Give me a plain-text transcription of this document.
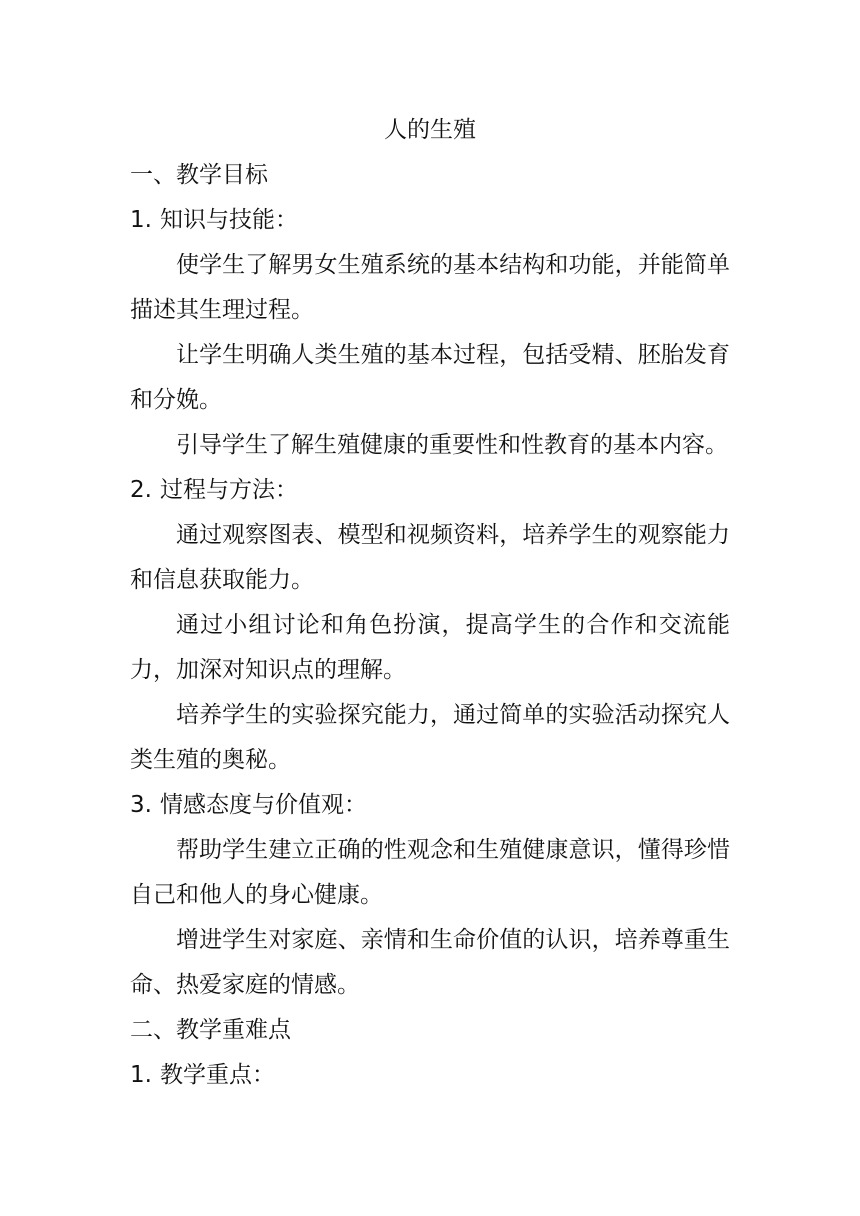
人的生殖

一、教学目标

1. 知识与技能：

使学生了解男女生殖系统的基本结构和功能，并能简单描述其生理过程。

让学生明确人类生殖的基本过程，包括受精、胚胎发育和分娩。

引导学生了解生殖健康的重要性和性教育的基本内容。

2. 过程与方法：

通过观察图表、模型和视频资料，培养学生的观察能力和信息获取能力。

通过小组讨论和角色扮演，提高学生的合作和交流能力，加深对知识点的理解。

培养学生的实验探究能力，通过简单的实验活动探究人类生殖的奥秘。

3. 情感态度与价值观：

帮助学生建立正确的性观念和生殖健康意识，懂得珍惜自己和他人的身心健康。

增进学生对家庭、亲情和生命价值的认识，培养尊重生命、热爱家庭的情感。

二、教学重难点

1. 教学重点：
